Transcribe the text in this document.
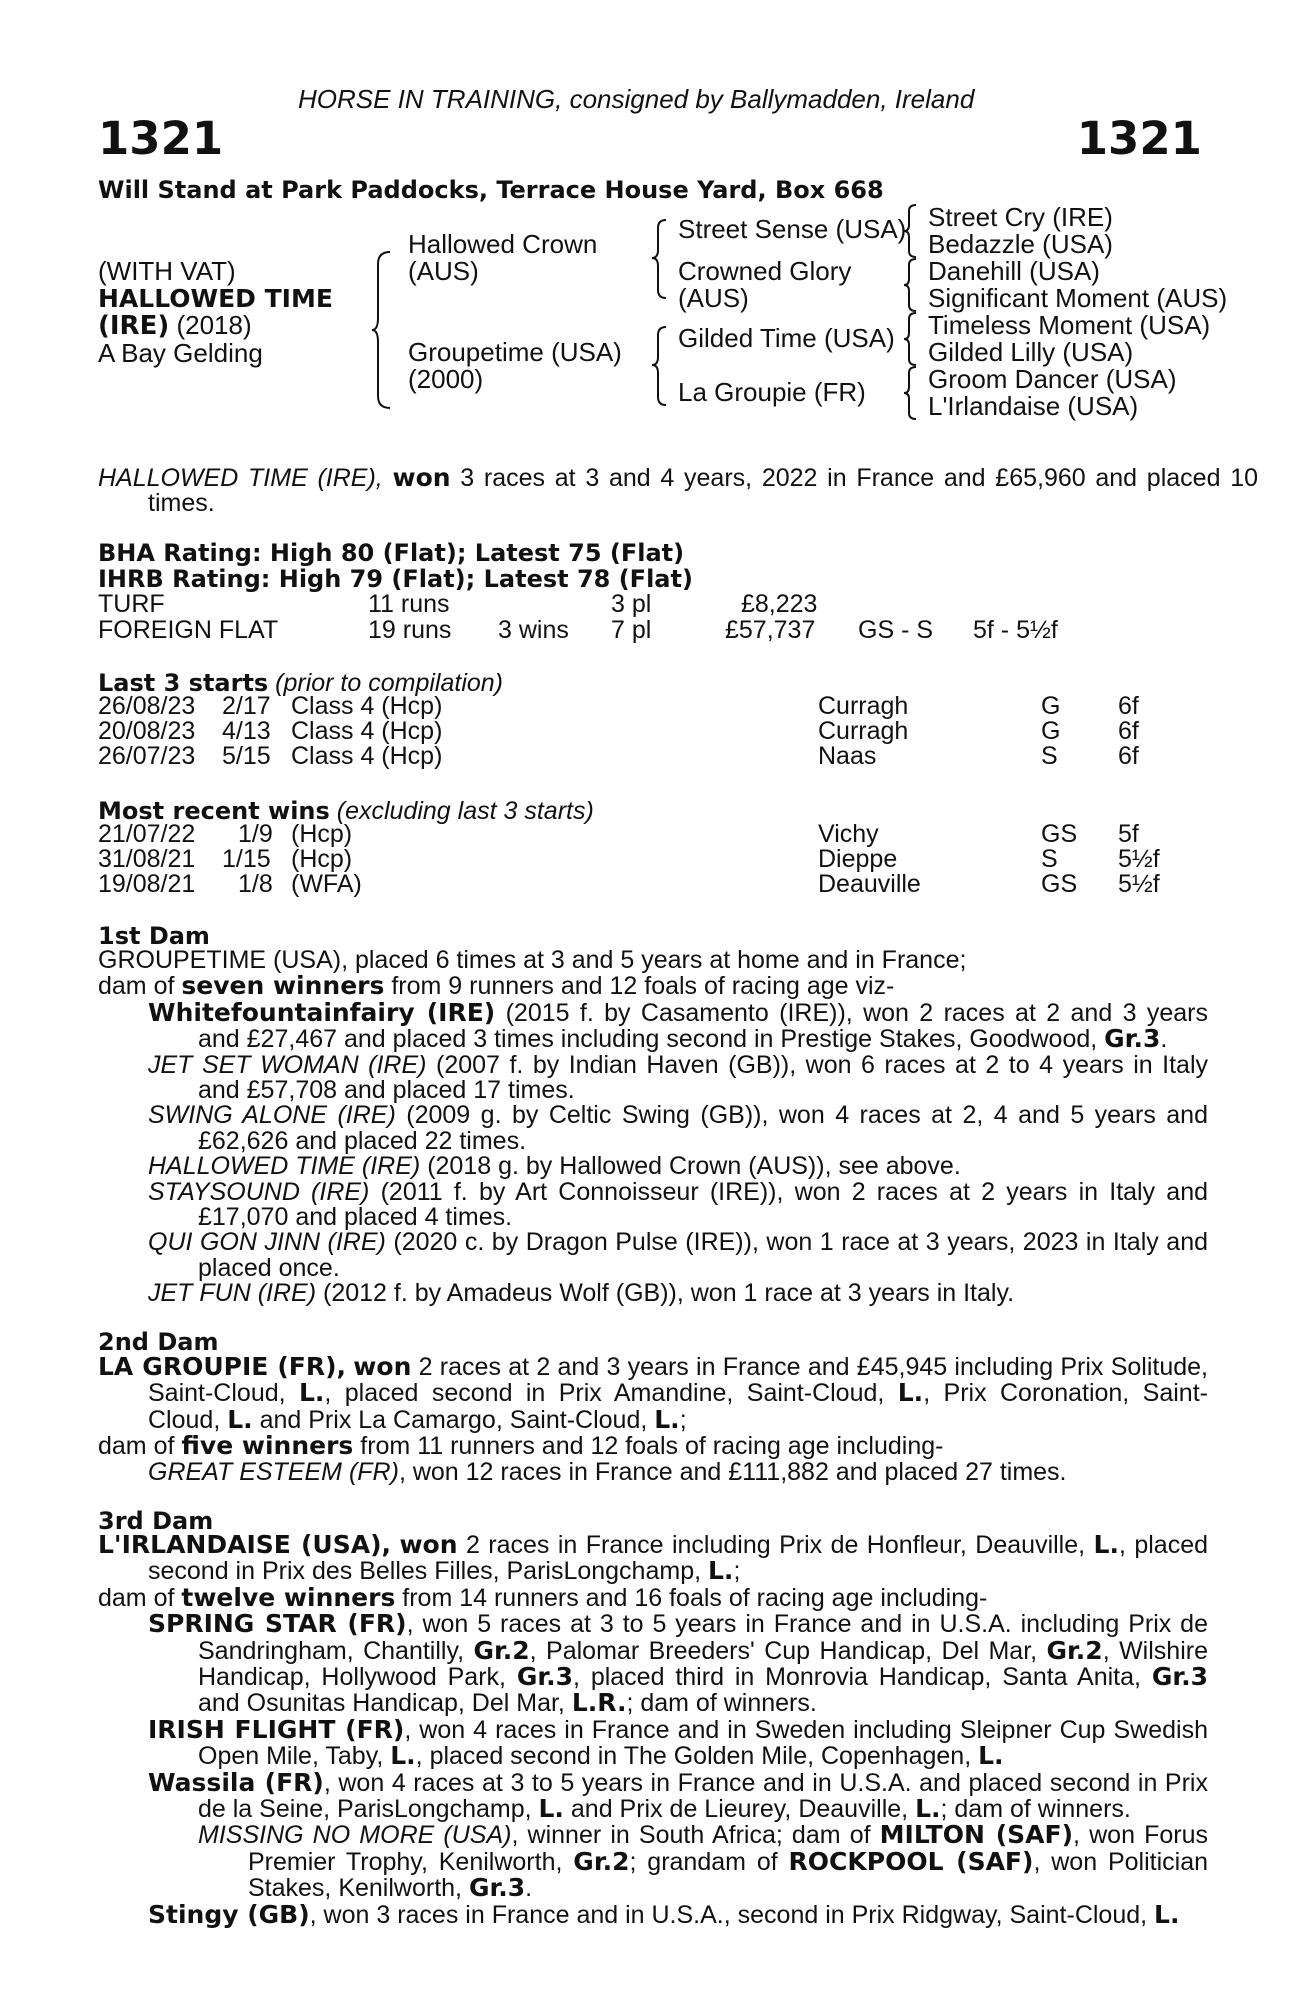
HORSE IN TRAINING, consigned by Ballymadden, Ireland
1321	1321
Will Stand at Park Paddocks, Terrace House Yard, Box 668
(WITH VAT)
HALLOWED TIME
(IRE) (2018)
A Bay Gelding
Hallowed Crown
(AUS)
Groupetime (USA)
(2000)
Street Sense (USA)
Crowned Glory
(AUS)
Gilded Time (USA)
La Groupie (FR)
Street Cry (IRE)
Bedazzle (USA)
Danehill (USA)
Significant Moment (AUS)
Timeless Moment (USA)
Gilded Lilly (USA)
Groom Dancer (USA)
L'Irlandaise (USA)
HALLOWED TIME (IRE), won 3 races at 3 and 4 years, 2022 in France and £65,960 and placed 10 times.
BHA Rating: High 80 (Flat); Latest 75 (Flat)
IHRB Rating: High 79 (Flat); Latest 78 (Flat)
TURF	11 runs	3 pl	£8,223
FOREIGN FLAT	19 runs 3 wins 7 pl	£57,737 GS - S 5f - 5½f
Last 3 starts (prior to compilation)
26/08/23 2/17 Class 4 (Hcp)	Curragh	G 6f
20/08/23 4/13 Class 4 (Hcp)	Curragh	G 6f
26/07/23 5/15 Class 4 (Hcp)	Naas	S 6f
Most recent wins (excluding last 3 starts)
21/07/22 1/9 (Hcp)	Vichy	GS 5f
31/08/21 1/15 (Hcp)	Dieppe	S 5½f
19/08/21 1/8 (WFA)	Deauville	GS 5½f
1st Dam
GROUPETIME (USA), placed 6 times at 3 and 5 years at home and in France;
dam of seven winners from 9 runners and 12 foals of racing age viz-
Whitefountainfairy (IRE) (2015 f. by Casamento (IRE)), won 2 races at 2 and 3 years and £27,467 and placed 3 times including second in Prestige Stakes, Goodwood, Gr.3.
JET SET WOMAN (IRE) (2007 f. by Indian Haven (GB)), won 6 races at 2 to 4 years in Italy and £57,708 and placed 17 times.
SWING ALONE (IRE) (2009 g. by Celtic Swing (GB)), won 4 races at 2, 4 and 5 years and £62,626 and placed 22 times.
HALLOWED TIME (IRE) (2018 g. by Hallowed Crown (AUS)), see above.
STAYSOUND (IRE) (2011 f. by Art Connoisseur (IRE)), won 2 races at 2 years in Italy and £17,070 and placed 4 times.
QUI GON JINN (IRE) (2020 c. by Dragon Pulse (IRE)), won 1 race at 3 years, 2023 in Italy and placed once.
JET FUN (IRE) (2012 f. by Amadeus Wolf (GB)), won 1 race at 3 years in Italy.
2nd Dam
LA GROUPIE (FR), won 2 races at 2 and 3 years in France and £45,945 including Prix Solitude, Saint-Cloud, L., placed second in Prix Amandine, Saint-Cloud, L., Prix Coronation, Saint-Cloud, L. and Prix La Camargo, Saint-Cloud, L.;
dam of five winners from 11 runners and 12 foals of racing age including-
GREAT ESTEEM (FR), won 12 races in France and £111,882 and placed 27 times.
3rd Dam
L'IRLANDAISE (USA), won 2 races in France including Prix de Honfleur, Deauville, L., placed second in Prix des Belles Filles, ParisLongchamp, L.;
dam of twelve winners from 14 runners and 16 foals of racing age including-
SPRING STAR (FR), won 5 races at 3 to 5 years in France and in U.S.A. including Prix de Sandringham, Chantilly, Gr.2, Palomar Breeders' Cup Handicap, Del Mar, Gr.2, Wilshire Handicap, Hollywood Park, Gr.3, placed third in Monrovia Handicap, Santa Anita, Gr.3 and Osunitas Handicap, Del Mar, L.R.; dam of winners.
IRISH FLIGHT (FR), won 4 races in France and in Sweden including Sleipner Cup Swedish Open Mile, Taby, L., placed second in The Golden Mile, Copenhagen, L.
Wassila (FR), won 4 races at 3 to 5 years in France and in U.S.A. and placed second in Prix de la Seine, ParisLongchamp, L. and Prix de Lieurey, Deauville, L.; dam of winners.
MISSING NO MORE (USA), winner in South Africa; dam of MILTON (SAF), won Forus Premier Trophy, Kenilworth, Gr.2; grandam of ROCKPOOL (SAF), won Politician Stakes, Kenilworth, Gr.3.
Stingy (GB), won 3 races in France and in U.S.A., second in Prix Ridgway, Saint-Cloud, L.
